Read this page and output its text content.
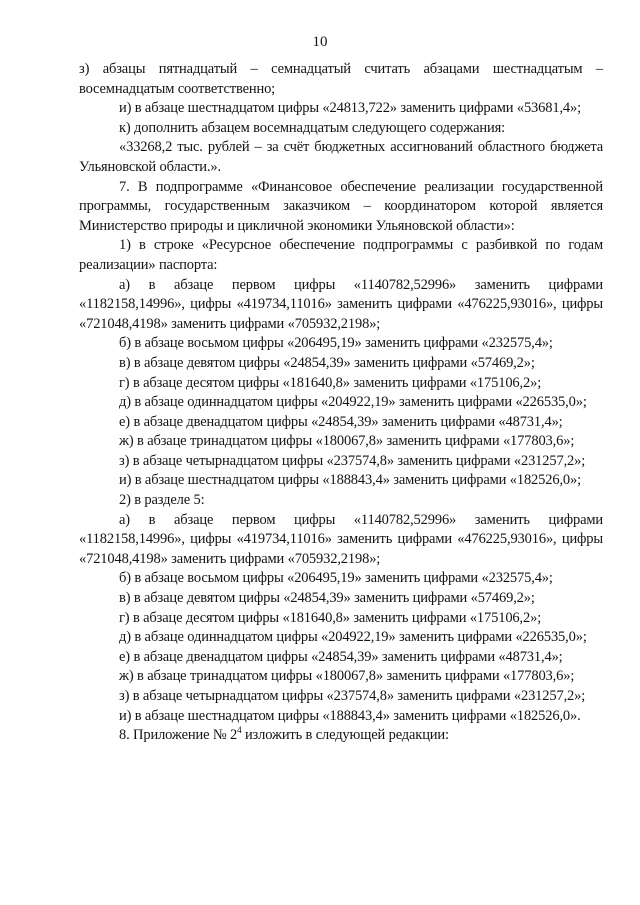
10

з) абзацы пятнадцатый – семнадцатый считать абзацами шестнадцатым – восемнадцатым соответственно;

и) в абзаце шестнадцатом цифры «24813,722» заменить цифрами «53681,4»;

к) дополнить абзацем восемнадцатым следующего содержания:

«33268,2 тыс. рублей – за счёт бюджетных ассигнований областного бюджета Ульяновской области.».

7. В подпрограмме «Финансовое обеспечение реализации государственной программы, государственным заказчиком – координатором которой является Министерство природы и цикличной экономики Ульяновской области»:

1) в строке «Ресурсное обеспечение подпрограммы с разбивкой по годам реализации» паспорта:

а) в абзаце первом цифры «1140782,52996» заменить цифрами «1182158,14996», цифры «419734,11016» заменить цифрами «476225,93016», цифры «721048,4198» заменить цифрами «705932,2198»;

б) в абзаце восьмом цифры «206495,19» заменить цифрами «232575,4»;

в) в абзаце девятом цифры «24854,39» заменить цифрами «57469,2»;

г) в абзаце десятом цифры «181640,8» заменить цифрами «175106,2»;

д) в абзаце одиннадцатом цифры «204922,19» заменить цифрами «226535,0»;

е) в абзаце двенадцатом цифры «24854,39» заменить цифрами «48731,4»;

ж) в абзаце тринадцатом цифры «180067,8» заменить цифрами «177803,6»;

з) в абзаце четырнадцатом цифры «237574,8» заменить цифрами «231257,2»;

и) в абзаце шестнадцатом цифры «188843,4» заменить цифрами «182526,0»;

2) в разделе 5:

а) в абзаце первом цифры «1140782,52996» заменить цифрами «1182158,14996», цифры «419734,11016» заменить цифрами «476225,93016», цифры «721048,4198» заменить цифрами «705932,2198»;

б) в абзаце восьмом цифры «206495,19» заменить цифрами «232575,4»;

в) в абзаце девятом цифры «24854,39» заменить цифрами «57469,2»;

г) в абзаце десятом цифры «181640,8» заменить цифрами «175106,2»;

д) в абзаце одиннадцатом цифры «204922,19» заменить цифрами «226535,0»;

е) в абзаце двенадцатом цифры «24854,39» заменить цифрами «48731,4»;

ж) в абзаце тринадцатом цифры «180067,8» заменить цифрами «177803,6»;

з) в абзаце четырнадцатом цифры «237574,8» заменить цифрами «231257,2»;

и) в абзаце шестнадцатом цифры «188843,4» заменить цифрами «182526,0».

8. Приложение № $2^4$ изложить в следующей редакции:
